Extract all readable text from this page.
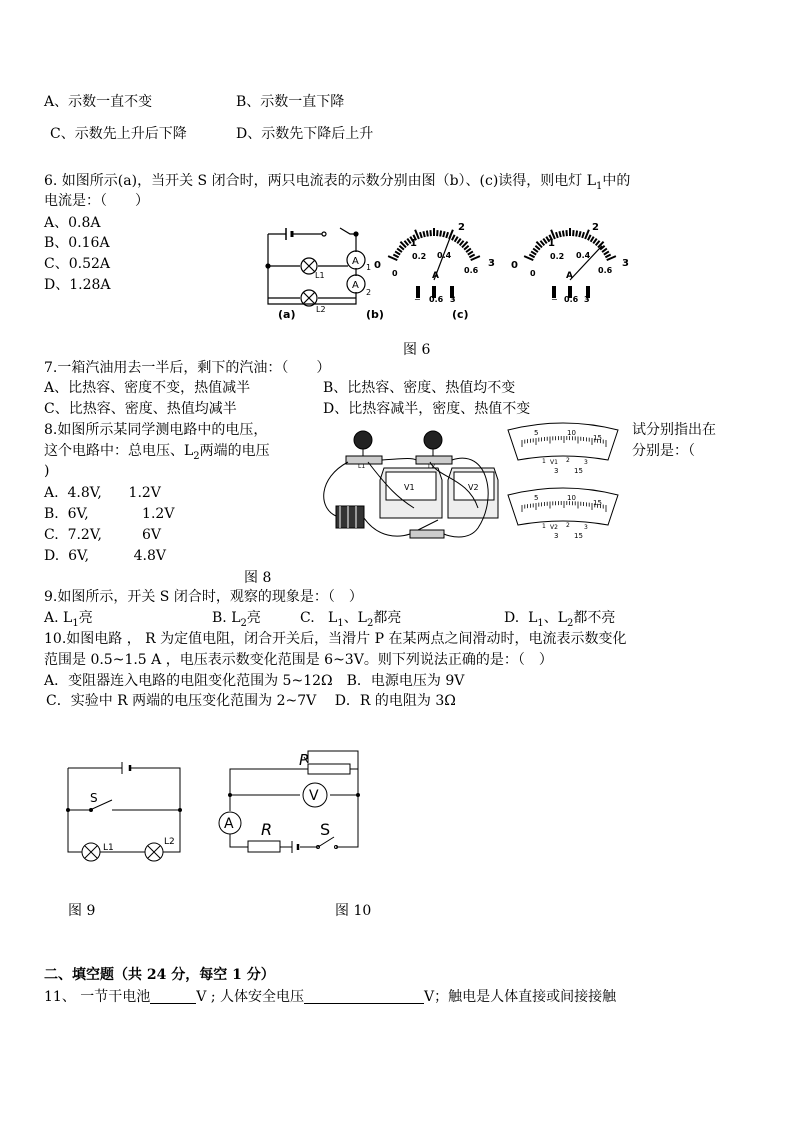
A、示数一直不变	B、示数一直下降
C、示数先上升后下降	D、示数先下降后上升
6. 如图所示(a)，当开关 S 闭合时，两只电流表的示数分别由图（b）、(c)读得，则电灯 $L_1$中的
电流是：（　　）
A、0.8A
B、0.16A
C、0.52A
D、1.28A
A
1
A
2
L1
L2
1
2
0.2 0.4
0
0
3
0.6
A
− 0.6 3
1
2
0.2 0.4
0
0
3
0.6
A
− 0.6 3
(a)	(b)	(c)
图 6
7.一箱汽油用去一半后，剩下的汽油：（　　）
A、比热容、密度不变，热值减半	B、比热容、密度、热值均不变
C、比热容、密度、热值均减半	D、比热容减半，密度、热值不变
8.如图所示某同学测电路中的电压，	试分别指出在
这个电路中：总电压、$L_2$两端的电压	分别是：（
)
A.  4.8V,      1.2V
B.  6V,            1.2V
C.  7.2V,         6V
D.  6V,          4.8V
L1	L2
V1	V2
5	10
15
1	2 3
V1
3 15
5	10
15
1	2 3
V2
3 15
图 8
9.如图所示，开关 S 闭合时，观察的现象是：（　）
A. $L_1$亮	B. $L_2$亮	C.   $L_1$、$L_2$都亮	D.  $L_1$、$L_2$都不亮
10.如图电路 ， R 为定值电阻，闭合开关后，当滑片 P 在某两点之间滑动时，电流表示数变化
范围是 0.5~1.5 A ，电压表示数变化范围是 6~3V。则下列说法正确的是：（　）
A．变阻器连入电路的电阻变化范围为 5~12Ω　B．电源电压为 9V
C．实验中 R 两端的电压变化范围为 2~7V　 D．R 的电阻为 3Ω
S
L1
L2
图 9
P
V
A R	S
图 10
二、填空题（共 24 分，每空 1 分）
11、 一节干电池	V ; 人体安全电压	V；触电是人体直接或间接接触
